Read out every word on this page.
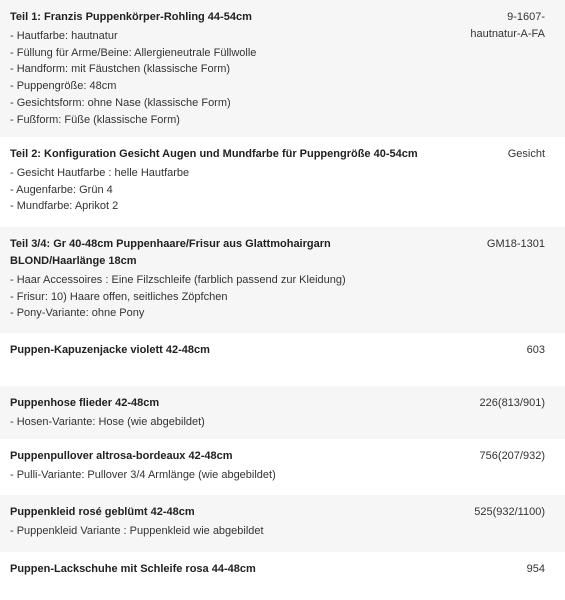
Teil 1: Franzis Puppenkörper-Rohling 44-54cm

- Hautfarbe: hautnatur
- Füllung für Arme/Beine: Allergieneutrale Füllwolle
- Handform: mit Fäustchen (klassische Form)
- Puppengröße: 48cm
- Gesichtsform: ohne Nase (klassische Form)
- Fußform: Füße (klassische Form)
9-1607-hautnatur-A-FA

Teil 2: Konfiguration Gesicht Augen und Mundfarbe für Puppengröße 40-54cm

- Gesicht Hautfarbe : helle Hautfarbe
- Augenfarbe: Grün 4
- Mundfarbe: Aprikot 2
Gesicht

Teil 3/4: Gr 40-48cm Puppenhaare/Frisur aus Glattmohairgarn BLOND/Haarlänge 18cm

- Haar Accessoires : Eine Filzschleife (farblich passend zur Kleidung)
- Frisur: 10) Haare offen, seitliches Zöpfchen
- Pony-Variante: ohne Pony
GM18-1301

Puppen-Kapuzenjacke violett 42-48cm	603

Puppenhose flieder 42-48cm

- Hosen-Variante: Hose (wie abgebildet)
226(813/901)

Puppenpullover altrosa-bordeaux 42-48cm

- Pulli-Variante: Pullover 3/4 Armlänge (wie abgebildet)
756(207/932)

Puppenkleid rosé geblümt 42-48cm

- Puppenkleid Variante : Puppenkleid wie abgebildet
525(932/1100)

Puppen-Lackschuhe mit Schleife rosa 44-48cm	954
